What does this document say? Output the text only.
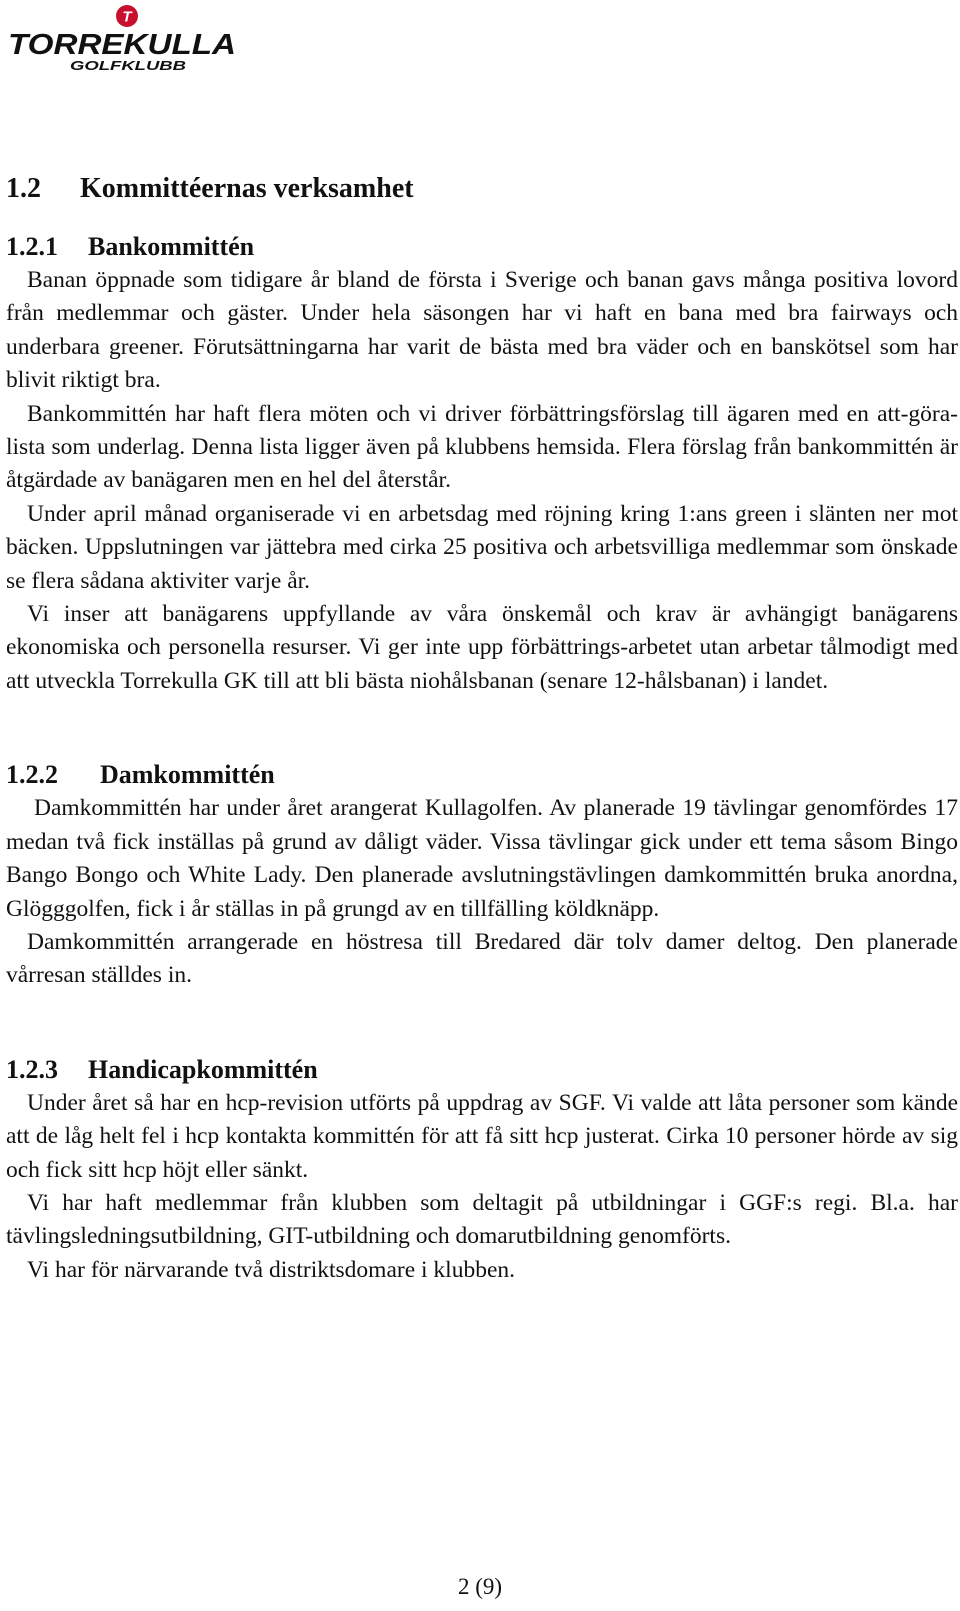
T
TORREKULLA
GOLFKLUBB
1.2 Kommittéernas verksamhet
1.2.1 Bankommittén

Banan öppnade som tidigare år bland de första i Sverige och banan gavs många positiva lovord från medlemmar och gäster. Under hela säsongen har vi haft en bana med bra fairways och underbara greener. Förutsättningarna har varit de bästa med bra väder och en banskötsel som har blivit riktigt bra.

Bankommittén har haft flera möten och vi driver förbättringsförslag till ägaren med en att-göra-lista som underlag. Denna lista ligger även på klubbens hemsida. Flera förslag från bankommittén är åtgärdade av banägaren men en hel del återstår.

Under april månad organiserade vi en arbetsdag med röjning kring 1:ans green i slänten ner mot bäcken. Uppslutningen var jättebra med cirka 25 positiva och arbetsvilliga medlemmar som önskade se flera sådana aktiviter varje år.

Vi inser att banägarens uppfyllande av våra önskemål och krav är avhängigt banägarens ekonomiska och personella resurser. Vi ger inte upp förbättrings-arbetet utan arbetar tålmodigt med att utveckla Torrekulla GK till att bli bästa niohålsbanan (senare 12-hålsbanan) i landet.

1.2.2 Damkommittén

Damkommittén har under året arangerat Kullagolfen. Av planerade 19 tävlingar genomfördes 17 medan två fick inställas på grund av dåligt väder. Vissa tävlingar gick under ett tema såsom Bingo Bango Bongo och White Lady. Den planerade avslutningstävlingen damkommittén bruka anordna, Glögggolfen, fick i år ställas in på grungd av en tillfälling köldknäpp.

Damkommittén arrangerade en höstresa till Bredared där tolv damer deltog. Den planerade vårresan ställdes in.

1.2.3 Handicapkommittén

Under året så har en hcp-revision utförts på uppdrag av SGF. Vi valde att låta personer som kände att de låg helt fel i hcp kontakta kommittén för att få sitt hcp justerat. Cirka 10 personer hörde av sig och fick sitt hcp höjt eller sänkt.

Vi har haft medlemmar från klubben som deltagit på utbildningar i GGF:s regi. Bl.a. har tävlingsledningsutbildning, GIT-utbildning och domarutbildning genomförts.

Vi har för närvarande två distriktsdomare i klubben.

2 (9)
